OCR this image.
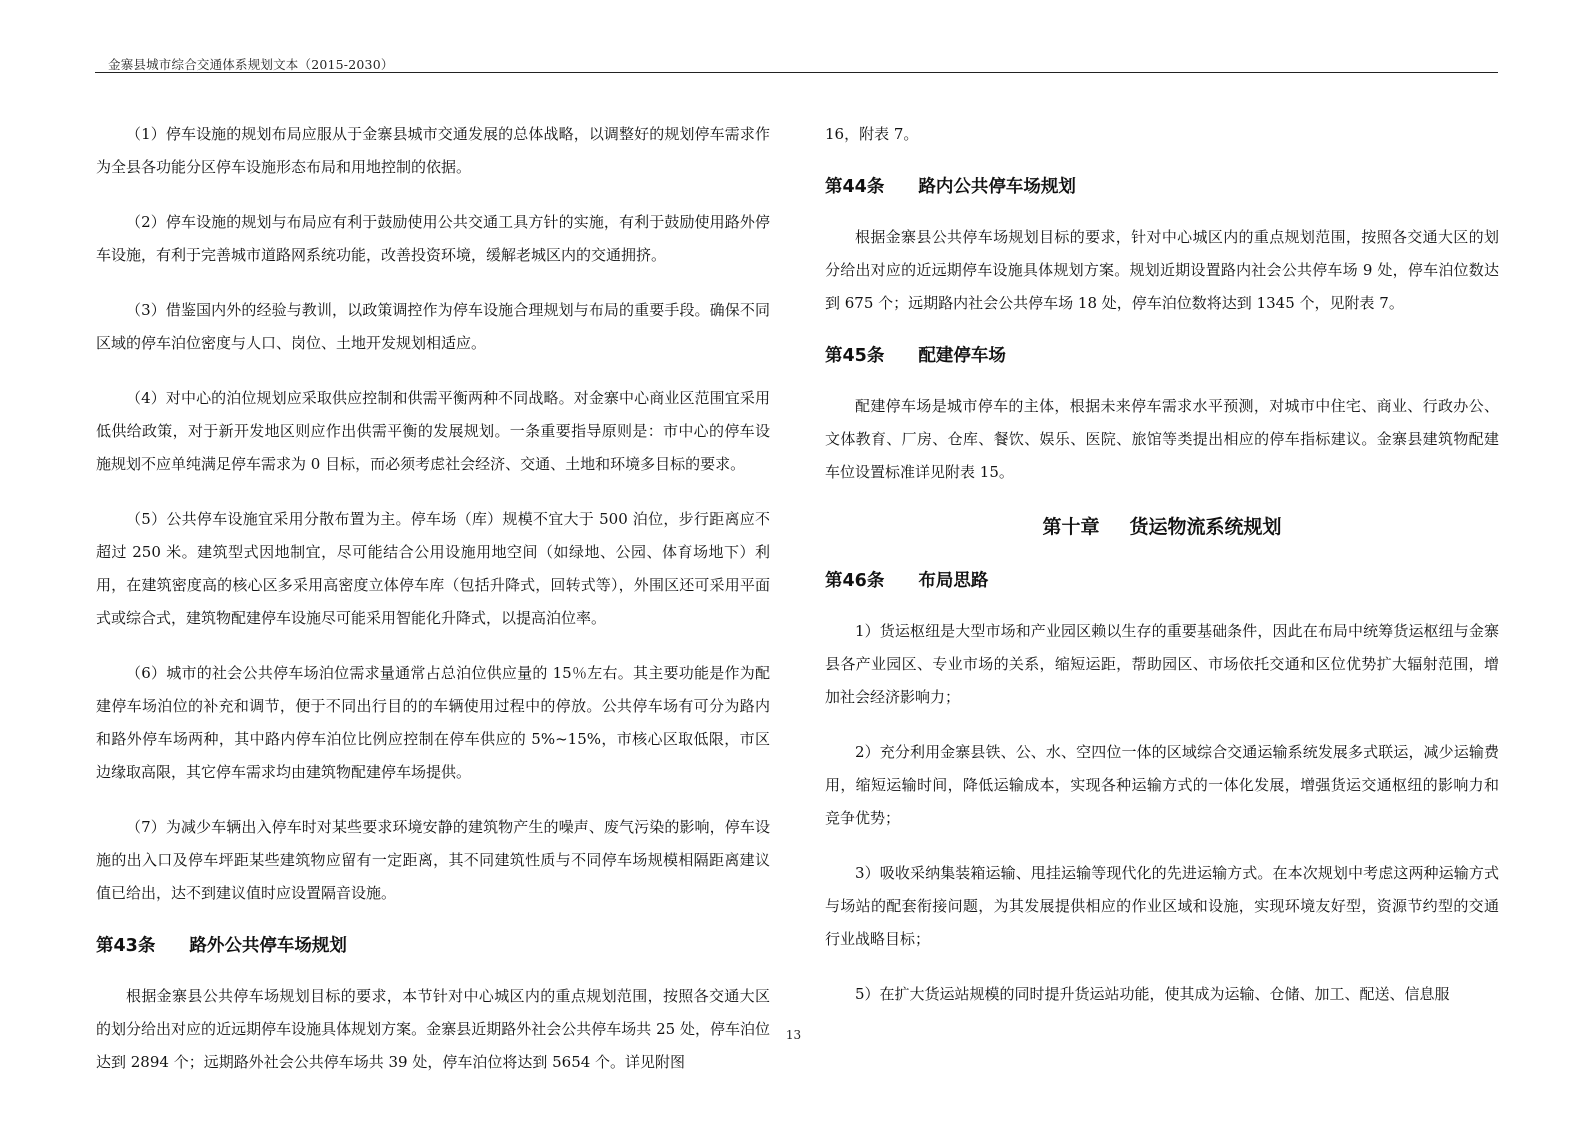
金寨县城市综合交通体系规划文本（2015-2030）

（1）停车设施的规划布局应服从于金寨县城市交通发展的总体战略，以调整好的规划停车需求作为全县各功能分区停车设施形态布局和用地控制的依据。

（2）停车设施的规划与布局应有利于鼓励使用公共交通工具方针的实施，有利于鼓励使用路外停车设施，有利于完善城市道路网系统功能，改善投资环境，缓解老城区内的交通拥挤。

（3）借鉴国内外的经验与教训，以政策调控作为停车设施合理规划与布局的重要手段。确保不同区域的停车泊位密度与人口、岗位、土地开发规划相适应。

（4）对中心的泊位规划应采取供应控制和供需平衡两种不同战略。对金寨中心商业区范围宜采用低供给政策，对于新开发地区则应作出供需平衡的发展规划。一条重要指导原则是：市中心的停车设施规划不应单纯满足停车需求为 0 目标，而必须考虑社会经济、交通、土地和环境多目标的要求。

（5）公共停车设施宜采用分散布置为主。停车场（库）规模不宜大于 500 泊位，步行距离应不超过 250 米。建筑型式因地制宜，尽可能结合公用设施用地空间（如绿地、公园、体育场地下）利用，在建筑密度高的核心区多采用高密度立体停车库（包括升降式，回转式等），外围区还可采用平面式或综合式，建筑物配建停车设施尽可能采用智能化升降式，以提高泊位率。

（6）城市的社会公共停车场泊位需求量通常占总泊位供应量的 15％左右。其主要功能是作为配建停车场泊位的补充和调节，便于不同出行目的的车辆使用过程中的停放。公共停车场有可分为路内和路外停车场两种，其中路内停车泊位比例应控制在停车供应的 5%~15%，市核心区取低限，市区边缘取高限，其它停车需求均由建筑物配建停车场提供。

（7）为减少车辆出入停车时对某些要求环境安静的建筑物产生的噪声、废气污染的影响，停车设施的出入口及停车坪距某些建筑物应留有一定距离，其不同建筑性质与不同停车场规模相隔距离建议值已给出，达不到建议值时应设置隔音设施。

第43条 路外公共停车场规划

根据金寨县公共停车场规划目标的要求，本节针对中心城区内的重点规划范围，按照各交通大区的划分给出对应的近远期停车设施具体规划方案。金寨县近期路外社会公共停车场共 25 处，停车泊位达到 2894 个；远期路外社会公共停车场共 39 处，停车泊位将达到 5654 个。详见附图

16，附表 7。

第44条 路内公共停车场规划

根据金寨县公共停车场规划目标的要求，针对中心城区内的重点规划范围，按照各交通大区的划分给出对应的近远期停车设施具体规划方案。规划近期设置路内社会公共停车场 9 处，停车泊位数达到 675 个；远期路内社会公共停车场 18 处，停车泊位数将达到 1345 个，见附表 7。

第45条 配建停车场

配建停车场是城市停车的主体，根据未来停车需求水平预测，对城市中住宅、商业、行政办公、文体教育、厂房、仓库、餐饮、娱乐、医院、旅馆等类提出相应的停车指标建议。金寨县建筑物配建车位设置标准详见附表 15。

第十章 货运物流系统规划
第46条 布局思路

1）货运枢纽是大型市场和产业园区赖以生存的重要基础条件，因此在布局中统筹货运枢纽与金寨县各产业园区、专业市场的关系，缩短运距，帮助园区、市场依托交通和区位优势扩大辐射范围，增加社会经济影响力；

2）充分利用金寨县铁、公、水、空四位一体的区域综合交通运输系统发展多式联运，减少运输费用，缩短运输时间，降低运输成本，实现各种运输方式的一体化发展，增强货运交通枢纽的影响力和竞争优势；

3）吸收采纳集装箱运输、甩挂运输等现代化的先进运输方式。在本次规划中考虑这两种运输方式与场站的配套衔接问题，为其发展提供相应的作业区域和设施，实现环境友好型，资源节约型的交通行业战略目标；

5）在扩大货运站规模的同时提升货运站功能，使其成为运输、仓储、加工、配送、信息服

13
